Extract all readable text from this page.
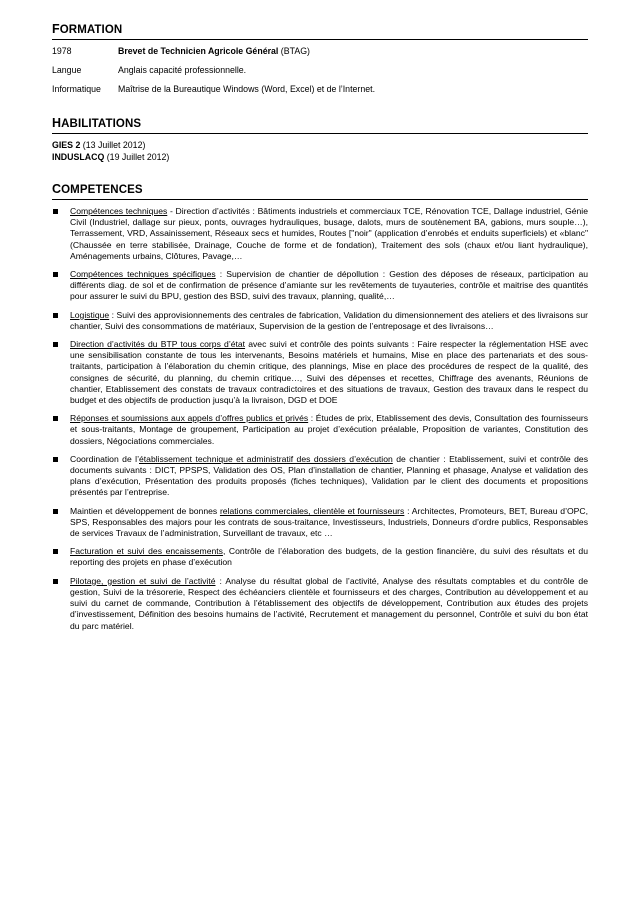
FORMATION
1978	Brevet de Technicien Agricole Général (BTAG)
Langue	Anglais capacité professionnelle.
Informatique	Maîtrise de la Bureautique Windows (Word, Excel) et de l’Internet.
HABILITATIONS
GIES 2 (13 Juillet 2012)
INDUSLACQ (19 Juillet 2012)
COMPETENCES
Compétences techniques - Direction d’activités : Bâtiments industriels et commerciaux TCE, Rénovation TCE, Dallage industriel, Génie Civil (Industriel, dallage sur pieux, ponts, ouvrages hydrauliques, busage, dalots, murs de soutènement BA, gabions, murs souple…), Terrassement, VRD, Assainissement, Réseaux secs et humides, Routes ["noir" (application d’enrobés et enduits superficiels) et «blanc" (Chaussée en terre stabilisée, Drainage, Couche de forme et de fondation), Traitement des sols (chaux et/ou liant hydraulique), Aménagements urbains, Clôtures, Pavage,…
Compétences techniques spécifiques : Supervision de chantier de dépollution : Gestion des déposes de réseaux, participation au différents diag. de sol et de confirmation de présence d’amiante sur les revêtements de tuyauteries, contrôle et maitrise des quantités pour assurer le suivi du BPU, gestion des BSD, suivi des travaux, planning, qualité,…
Logistique : Suivi des approvisionnements des centrales de fabrication, Validation du dimensionnement des ateliers et des livraisons sur chantier, Suivi des consommations de matériaux, Supervision de la gestion de l’entreposage et des livraisons…
Direction d’activités du BTP tous corps d’état avec suivi et contrôle des points suivants : Faire respecter la réglementation HSE avec une sensibilisation constante de tous les intervenants, Besoins matériels et humains, Mise en place des partenariats et des sous-traitants, participation à l’élaboration du chemin critique, des plannings, Mise en place des procédures de respect de la qualité, des consignes de sécurité, du planning, du chemin critique…, Suivi des dépenses et recettes, Chiffrage des avenants, Réunions de chantier, Etablissement des constats de travaux contradictoires et des situations de travaux, Gestion des travaux dans le respect du budget et des objectifs de production jusqu’à la livraison, DGD et DOE
Réponses et soumissions aux appels d’offres publics et privés : Études de prix, Etablissement des devis, Consultation des fournisseurs et sous-traitants, Montage de groupement, Participation au projet d’exécution préalable, Proposition de variantes, Constitution des dossiers, Négociations commerciales.
Coordination de l’établissement technique et administratif des dossiers d’exécution de chantier : Etablissement, suivi et contrôle des documents suivants : DICT, PPSPS, Validation des OS, Plan d’installation de chantier, Planning et phasage, Analyse et validation des plans d’exécution, Présentation des produits proposés (fiches techniques), Validation par le client des documents et propositions présentés par l’entreprise.
Maintien et développement de bonnes relations commerciales, clientèle et fournisseurs : Architectes, Promoteurs, BET, Bureau d’OPC, SPS, Responsables des majors pour les contrats de sous-traitance, Investisseurs, Industriels, Donneurs d’ordre publics, Responsables de services Travaux de l’administration, Surveillant de travaux, etc …
Facturation et suivi des encaissements, Contrôle de l’élaboration des budgets, de la gestion financière, du suivi des résultats et du reporting des projets en phase d’exécution
Pilotage, gestion et suivi de l’activité : Analyse du résultat global de l’activité, Analyse des résultats comptables et du contrôle de gestion, Suivi de la trésorerie, Respect des échéanciers clientèle et fournisseurs et des charges, Contribution au développement et au suivi du carnet de commande, Contribution à l’établissement des objectifs de développement, Contribution aux études des projets d’investissement, Définition des besoins humains de l’activité, Recrutement et management du personnel, Contrôle et suivi du bon état du parc matériel.
